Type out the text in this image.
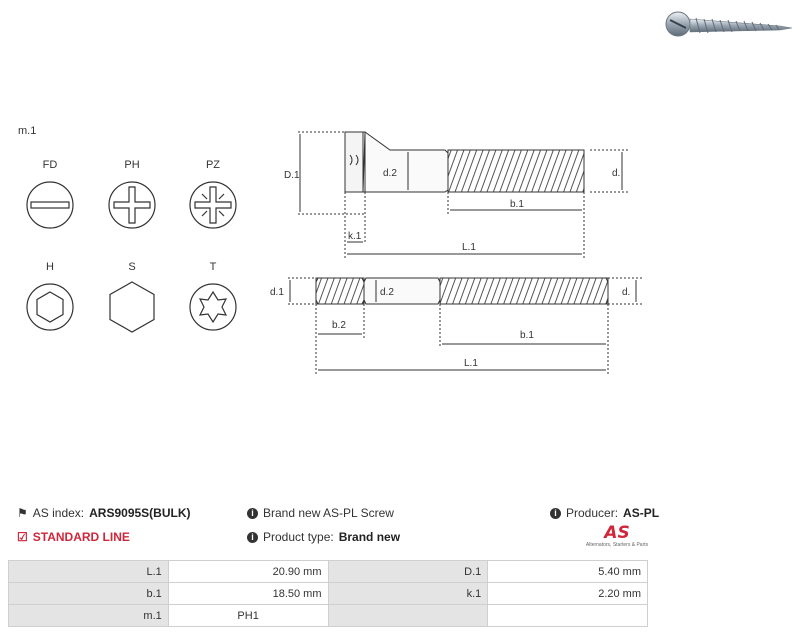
m.1
FD	PH	PZ
H	S	T
D.1	d.2	d.
b.1
k.1
L.1
d.1	d.2	d.
b.2
b.1
L.1
⚑ AS index: ARS9095S(BULK)
☑ STANDARD LINE
i Brand new AS-PL Screw
i Product type: Brand new
i Producer: AS-PL
AS
Alternators, Starters & Parts
L.1	20.90 mm	D.1	5.40 mm
b.1	18.50 mm	k.1	2.20 mm
m.1	PH1		
